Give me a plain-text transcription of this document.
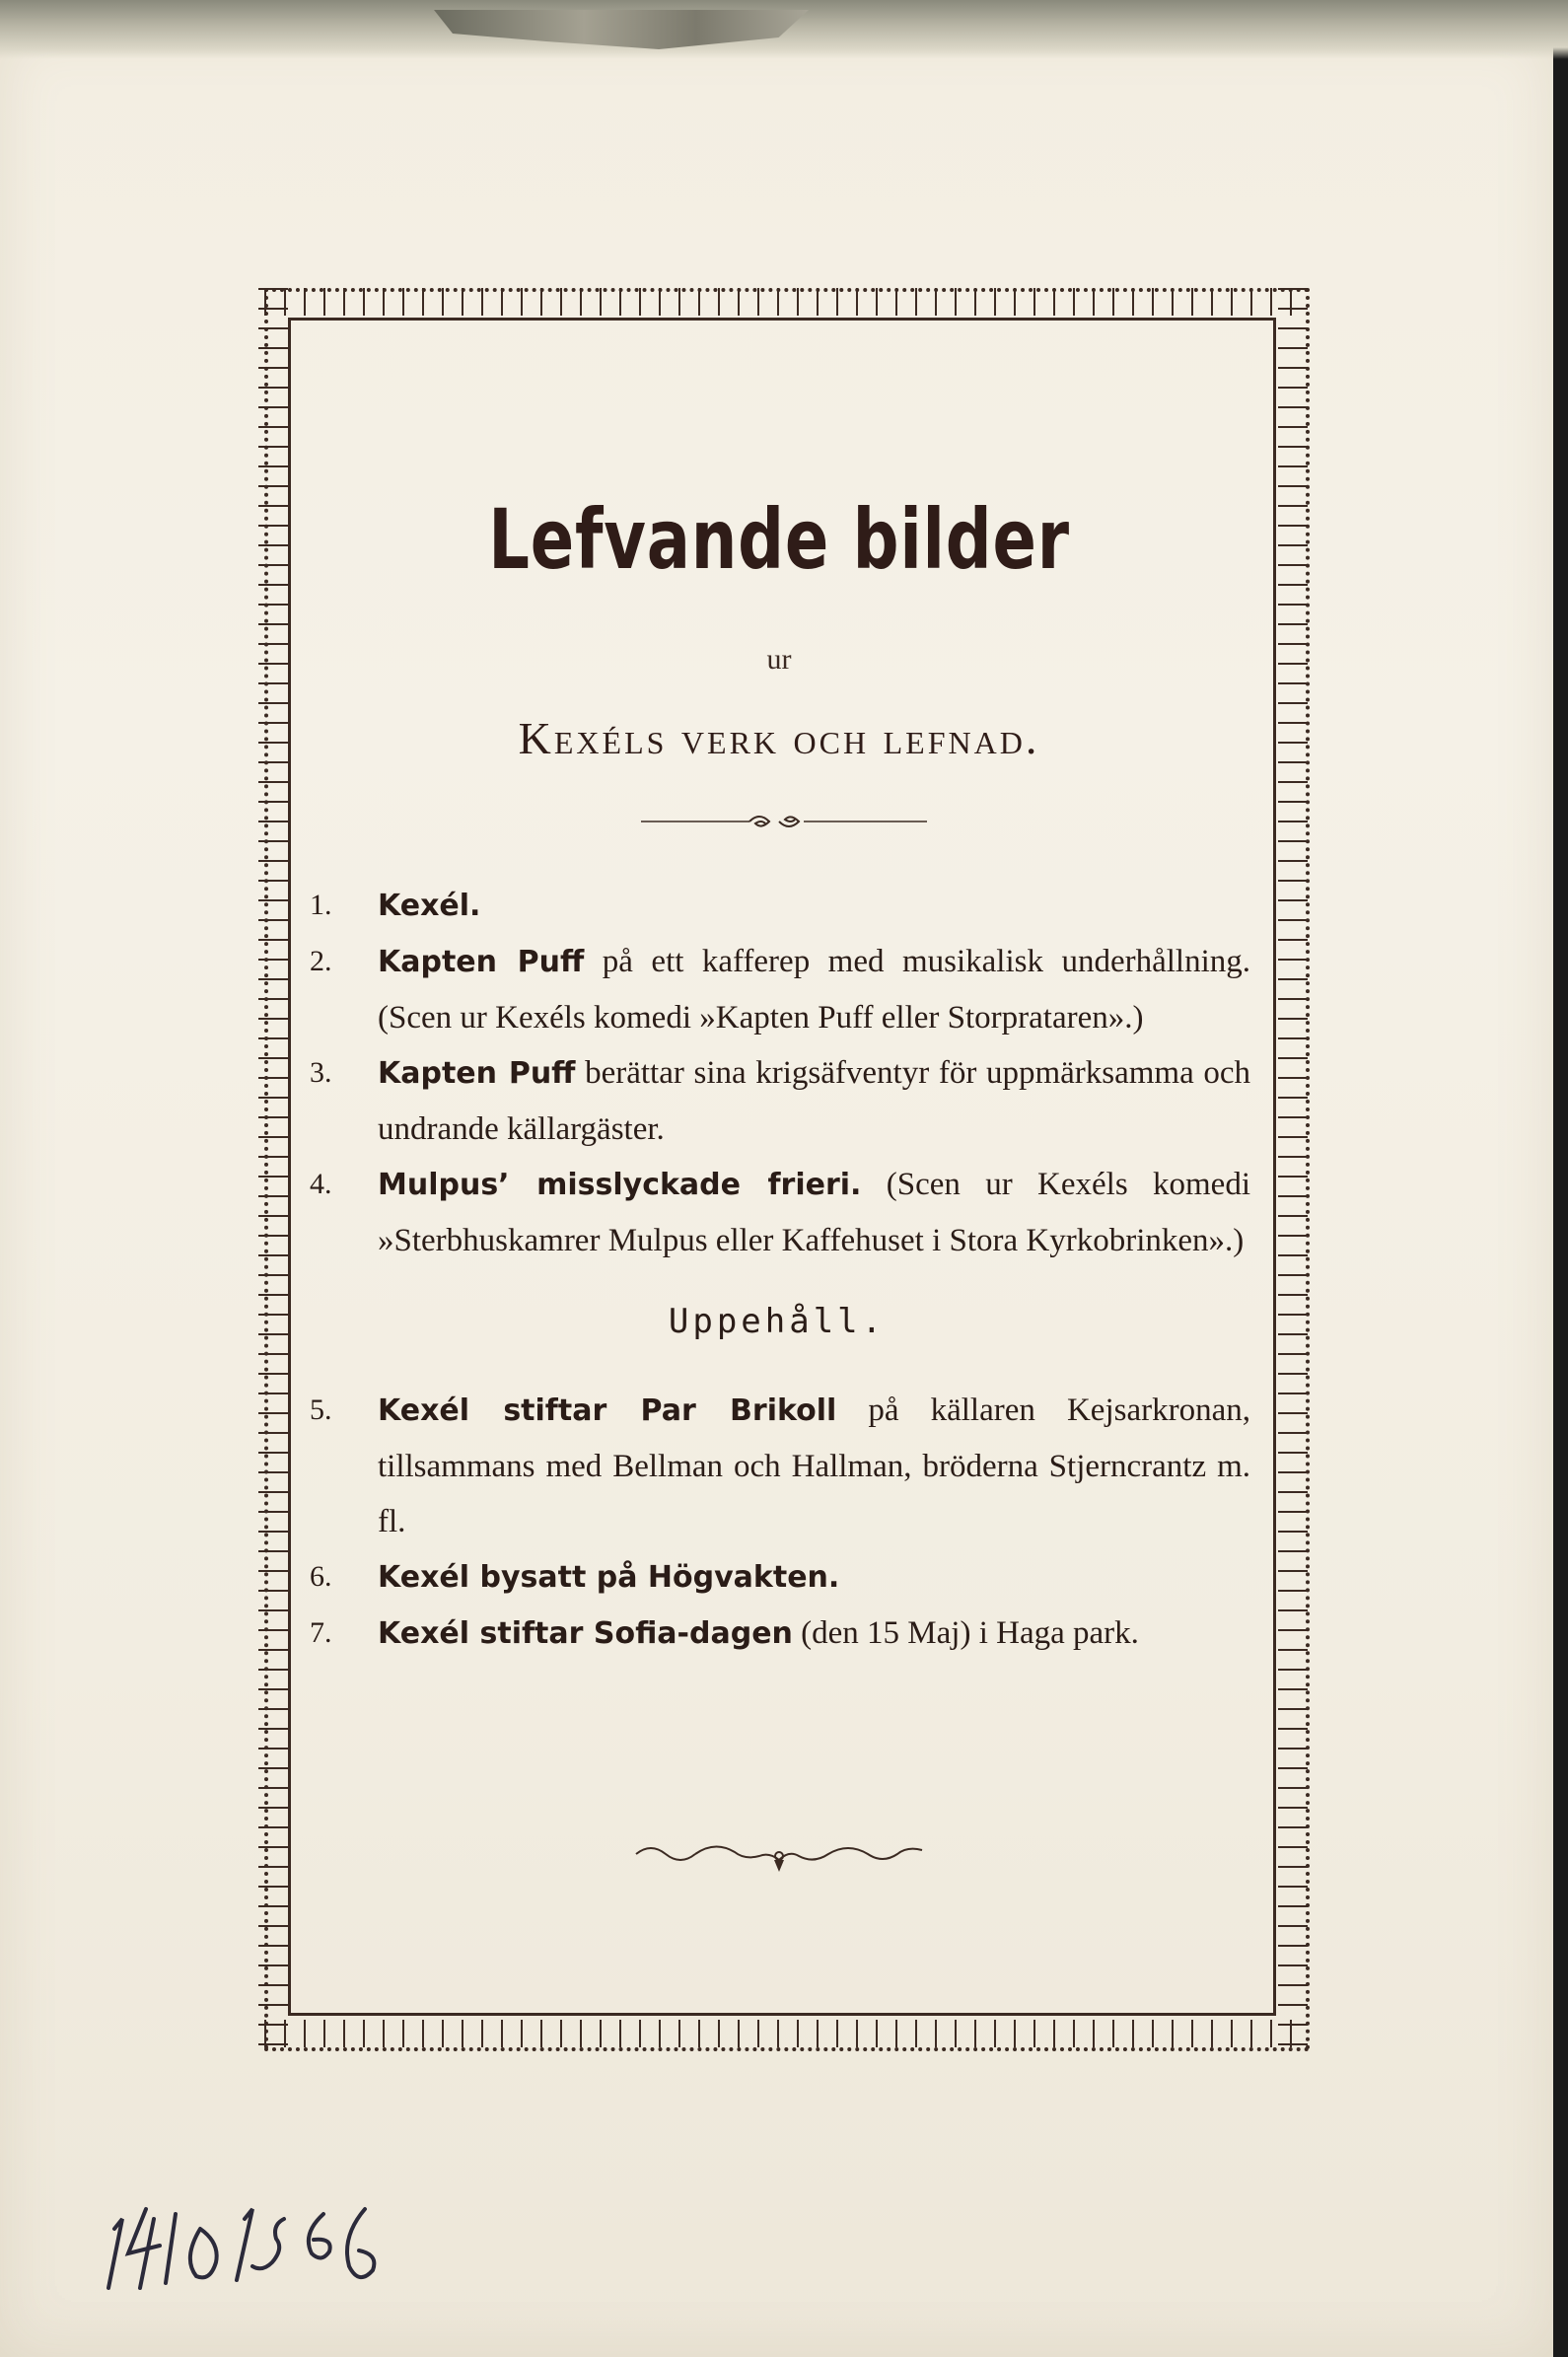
Lefvande bilder
ur
Kexéls verk och lefnad.
1.	Kexél.
2.	Kapten Puff på ett kafferep med musikalisk underhållning. (Scen ur Kexéls komedi »Kapten Puff eller Storprataren».)
3.	Kapten Puff berättar sina krigsäfventyr för uppmärksamma och undrande källargäster.
4.	Mulpus’ misslyckade frieri. (Scen ur Kexéls komedi »Sterbhuskamrer Mulpus eller Kaffehuset i Stora Kyrkobrinken».)
Uppehåll.
5.	Kexél stiftar Par Brikoll på källaren Kejsarkronan, tillsammans med Bellman och Hallman, bröderna Stjerncrantz m. fl.
6.	Kexél bysatt på Högvakten.
7.	Kexél stiftar Sofia-dagen (den 15 Maj) i Haga park.
